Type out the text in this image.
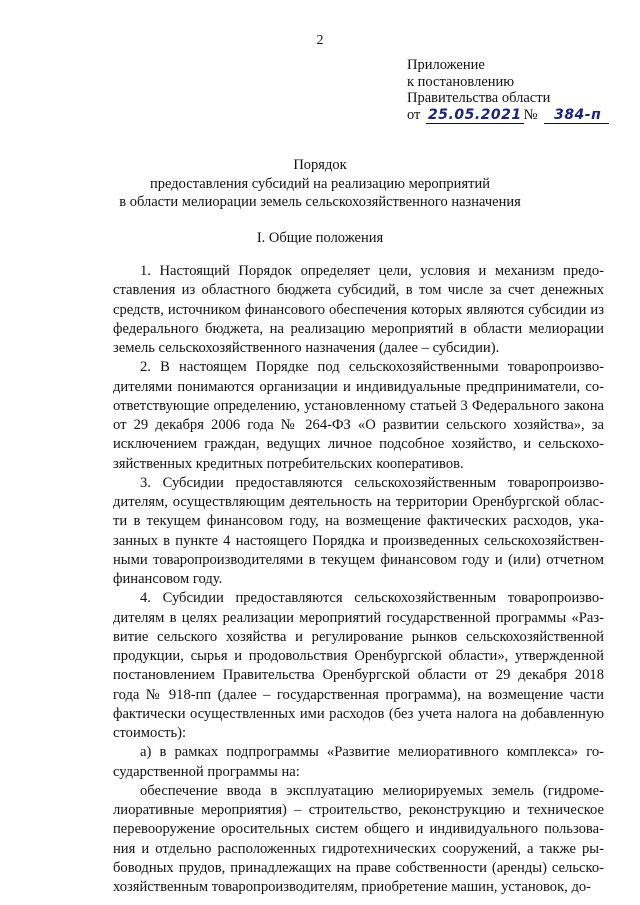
2
Приложение
к постановлению
Правительства области
от 25.05.2021 № 384-п
Порядок
предоставления субсидий на реализацию мероприятий
в области мелиорации земель сельскохозяйственного назначения
I. Общие положения

1. Настоящий Порядок определяет цели, условия и механизм предоставления из областного бюджета субсидий, в том числе за счет денежных средств, источником финансового обеспечения которых являются субсидии из федерального бюджета, на реализацию мероприятий в области мелиорации земель сельскохозяйственного назначения (далее – субсидии).

2. В настоящем Порядке под сельскохозяйственными товаропроизводителями понимаются организации и индивидуальные предприниматели, соответствующие определению, установленному статьей 3 Федерального закона от 29 декабря 2006 года № 264-ФЗ «О развитии сельского хозяйства», за исключением граждан, ведущих личное подсобное хозяйство, и сельскохозяйственных кредитных потребительских кооперативов.

3. Субсидии предоставляются сельскохозяйственным товаропроизводителям, осуществляющим деятельность на территории Оренбургской области в текущем финансовом году, на возмещение фактических расходов, указанных в пункте 4 настоящего Порядка и произведенных сельскохозяйственными товаропроизводителями в текущем финансовом году и (или) отчетном финансовом году.

4. Субсидии предоставляются сельскохозяйственным товаропроизводителям в целях реализации мероприятий государственной программы «Развитие сельского хозяйства и регулирование рынков сельскохозяйственной продукции, сырья и продовольствия Оренбургской области», утвержденной постановлением Правительства Оренбургской области от 29 декабря 2018 года № 918-пп (далее – государственная программа), на возмещение части фактически осуществленных ими расходов (без учета налога на добавленную стоимость):

а) в рамках подпрограммы «Развитие мелиоративного комплекса» государственной программы на:

обеспечение ввода в эксплуатацию мелиорируемых земель (гидромелиоративные мероприятия) – строительство, реконструкцию и техническое перевооружение оросительных систем общего и индивидуального пользования и отдельно расположенных гидротехнических сооружений, а также рыбоводных прудов, принадлежащих на праве собственности (аренды) сельскохозяйственным товаропроизводителям, приобретение машин, установок, до-
